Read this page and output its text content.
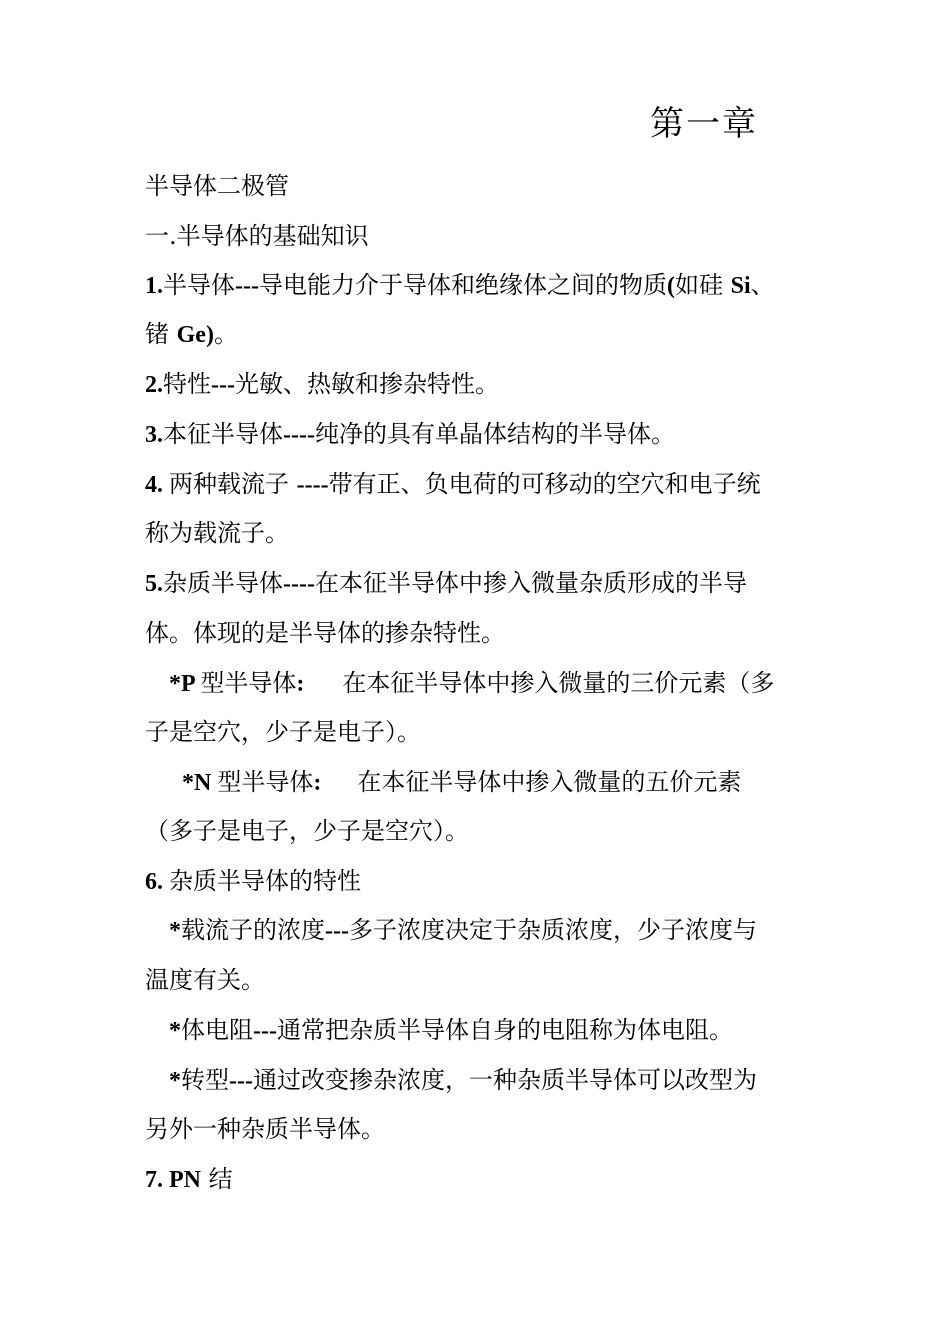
第一章
半导体二极管
一.半导体的基础知识
1.半导体---导电能力介于导体和绝缘体之间的物质(如硅 Si、
锗 Ge)。
2.特性---光敏、热敏和掺杂特性。
3.本征半导体----纯净的具有单晶体结构的半导体。
4. 两种载流子 ----带有正、负电荷的可移动的空穴和电子统
称为载流子。
5.杂质半导体----在本征半导体中掺入微量杂质形成的半导
体。体现的是半导体的掺杂特性。
*P 型半导体: 在本征半导体中掺入微量的三价元素（多
子是空穴，少子是电子）。
*N 型半导体: 在本征半导体中掺入微量的五价元素
（多子是电子，少子是空穴）。
6. 杂质半导体的特性
*载流子的浓度---多子浓度决定于杂质浓度，少子浓度与
温度有关。
*体电阻---通常把杂质半导体自身的电阻称为体电阻。
*转型---通过改变掺杂浓度，一种杂质半导体可以改型为
另外一种杂质半导体。
7. PN 结
